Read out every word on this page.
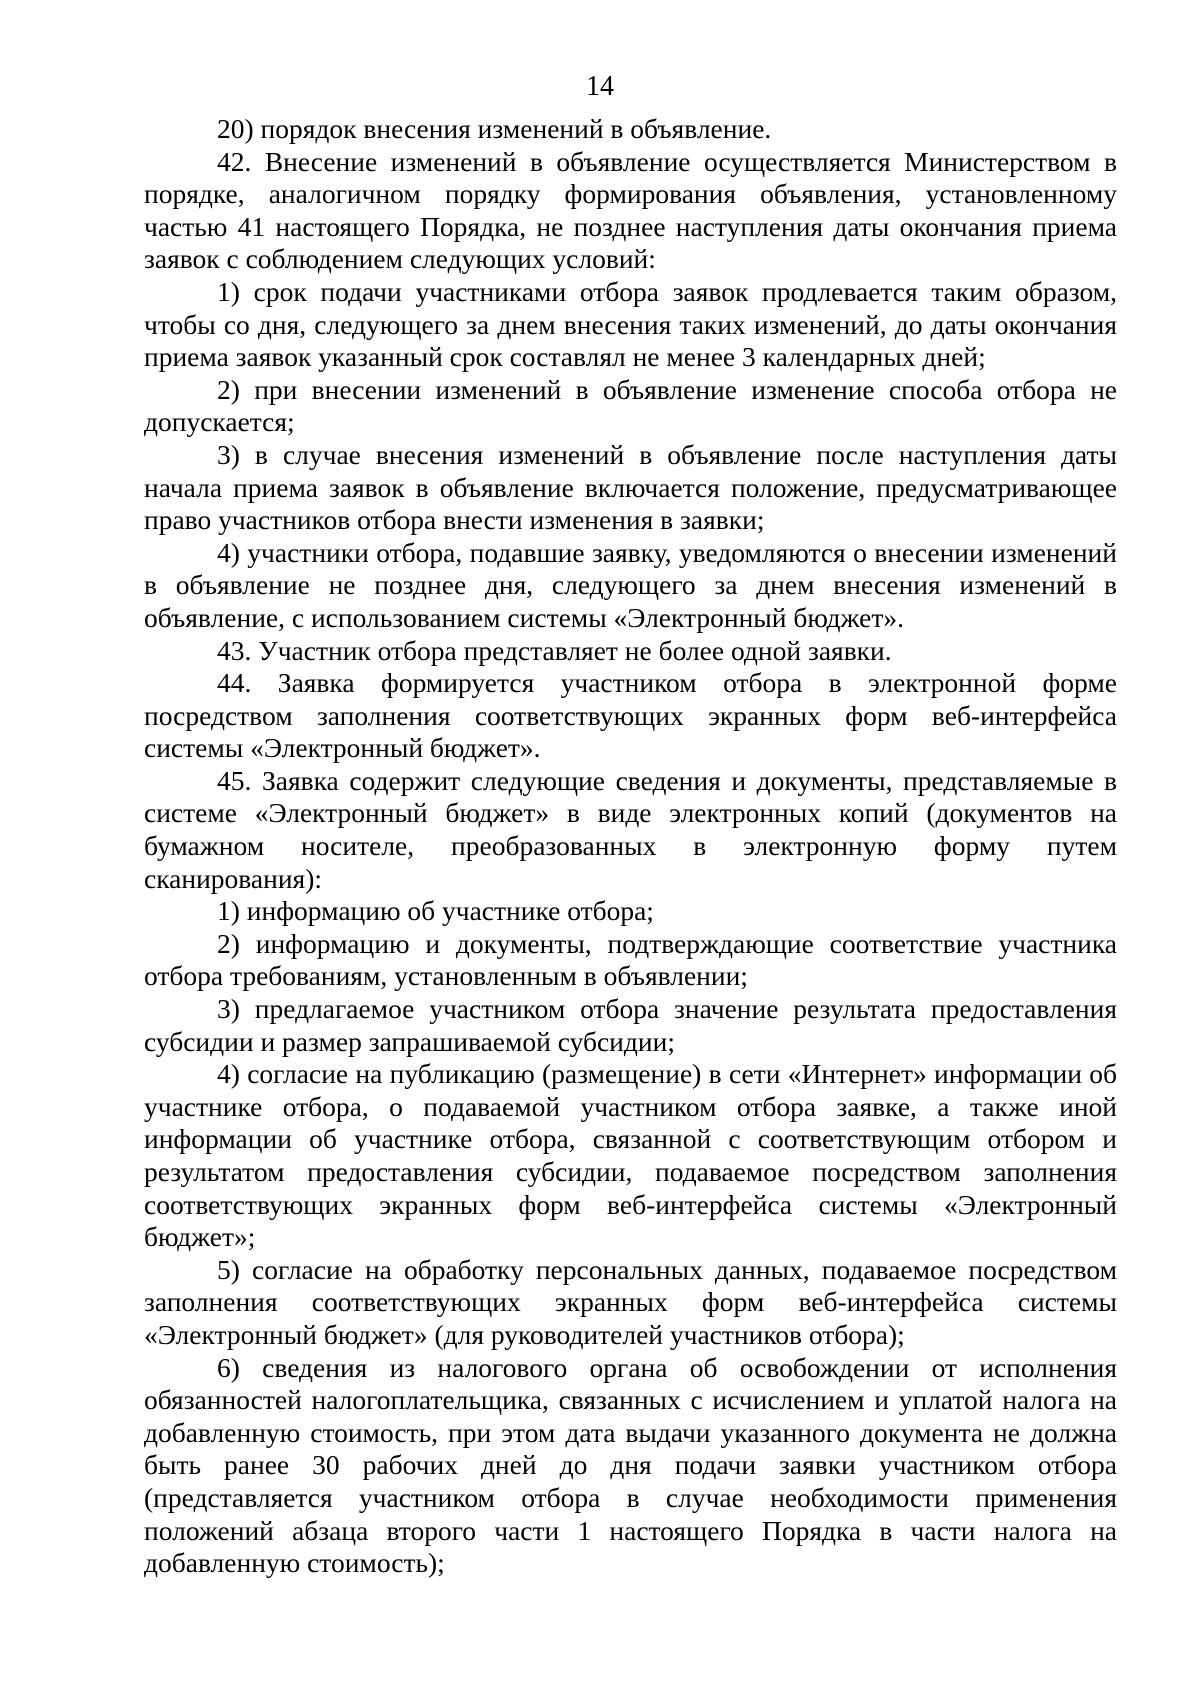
14

20) порядок внесения изменений в объявление.

42. Внесение изменений в объявление осуществляется Министерством в порядке, аналогичном порядку формирования объявления, установленному частью 41 настоящего Порядка, не позднее наступления даты окончания приема заявок с соблюдением следующих условий:

1) срок подачи участниками отбора заявок продлевается таким образом, чтобы со дня, следующего за днем внесения таких изменений, до даты окончания приема заявок указанный срок составлял не менее 3 календарных дней;

2) при внесении изменений в объявление изменение способа отбора не допускается;

3) в случае внесения изменений в объявление после наступления даты начала приема заявок в объявление включается положение, предусматривающее право участников отбора внести изменения в заявки;

4) участники отбора, подавшие заявку, уведомляются о внесении изменений в объявление не позднее дня, следующего за днем внесения изменений в объявление, с использованием системы «Электронный бюджет».

43. Участник отбора представляет не более одной заявки.

44. Заявка формируется участником отбора в электронной форме посредством заполнения соответствующих экранных форм веб-интерфейса системы «Электронный бюджет».

45. Заявка содержит следующие сведения и документы, представляемые в системе «Электронный бюджет» в виде электронных копий (документов на бумажном носителе, преобразованных в электронную форму путем сканирования):

1) информацию об участнике отбора;

2) информацию и документы, подтверждающие соответствие участника отбора требованиям, установленным в объявлении;

3) предлагаемое участником отбора значение результата предоставления субсидии и размер запрашиваемой субсидии;

4) согласие на публикацию (размещение) в сети «Интернет» информации об участнике отбора, о подаваемой участником отбора заявке, а также иной информации об участнике отбора, связанной с соответствующим отбором и результатом предоставления субсидии, подаваемое посредством заполнения соответствующих экранных форм веб-интерфейса системы «Электронный бюджет»;

5) согласие на обработку персональных данных, подаваемое посредством заполнения соответствующих экранных форм веб-интерфейса системы «Электронный бюджет» (для руководителей участников отбора);

6) сведения из налогового органа об освобождении от исполнения обязанностей налогоплательщика, связанных с исчислением и уплатой налога на добавленную стоимость, при этом дата выдачи указанного документа не должна быть ранее 30 рабочих дней до дня подачи заявки участником отбора (представляется участником отбора в случае необходимости применения положений абзаца второго части 1 настоящего Порядка в части налога на добавленную стоимость);
